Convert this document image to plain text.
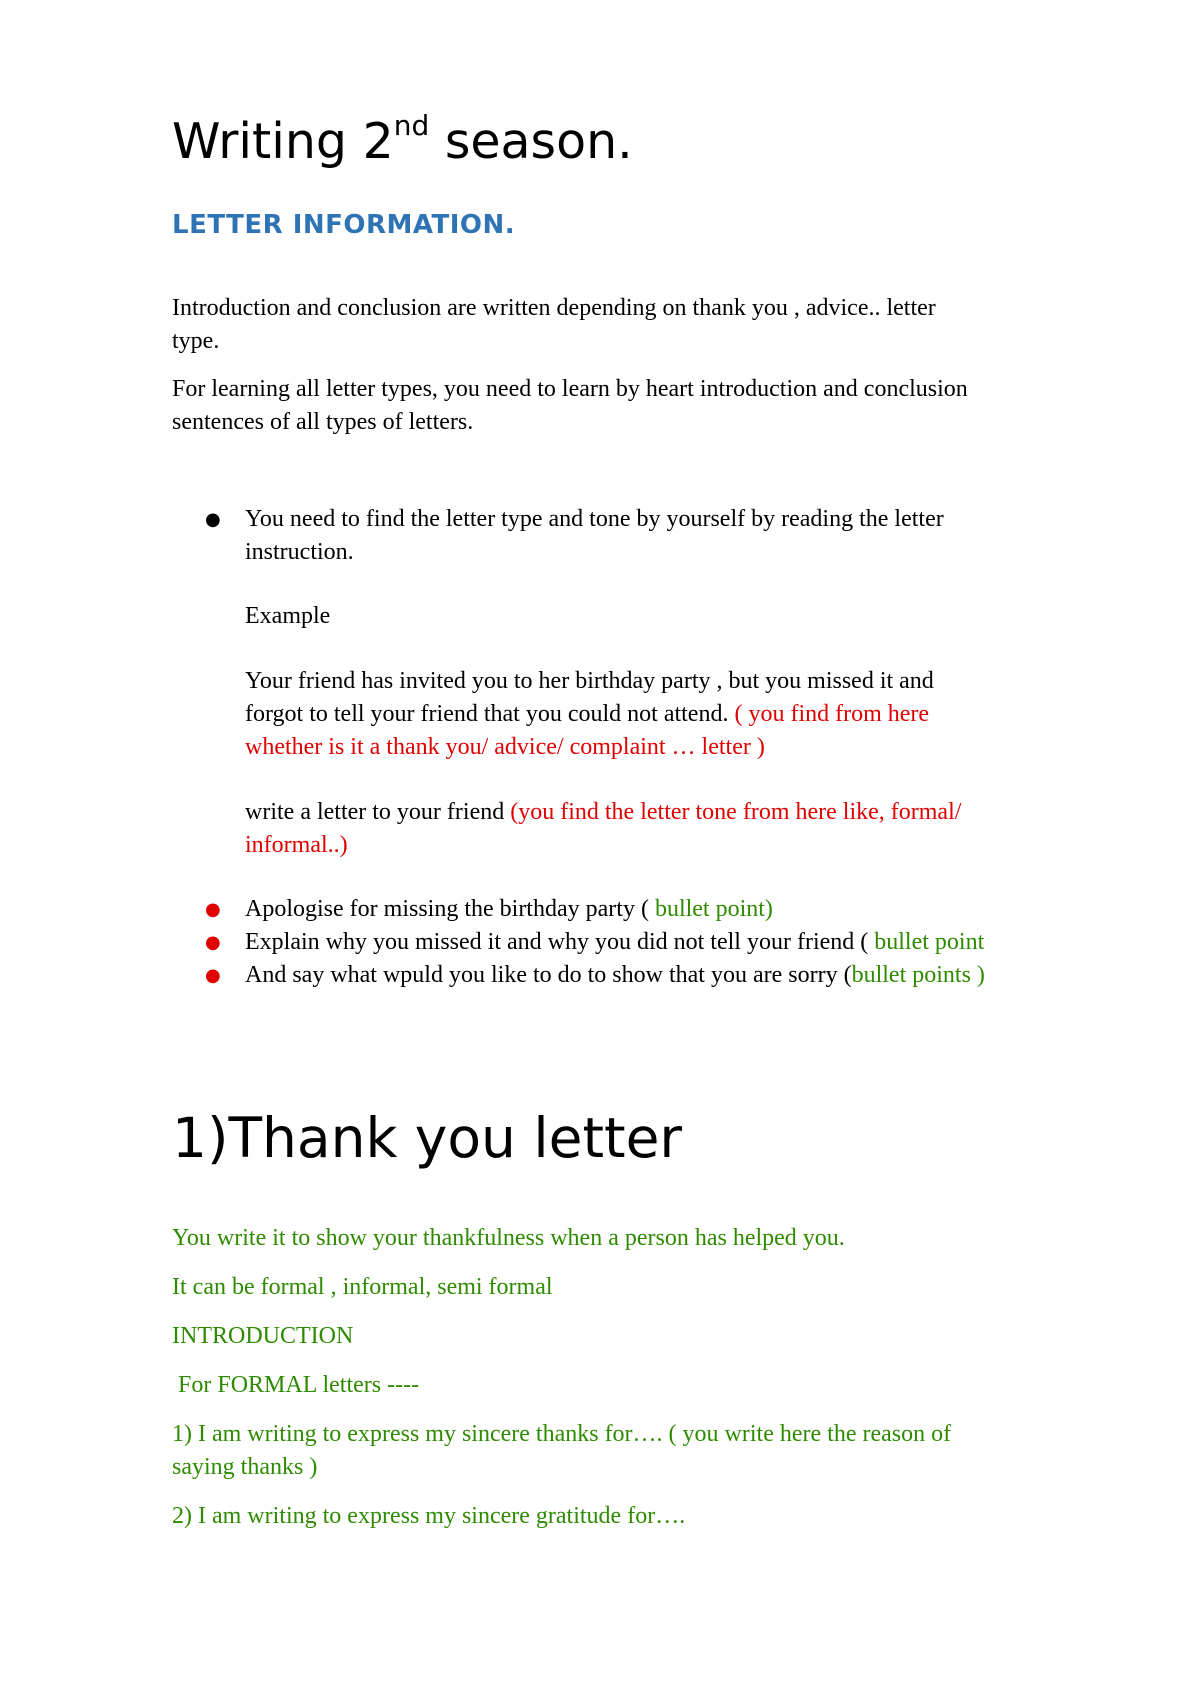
Writing 2nd season.
LETTER INFORMATION.

Introduction and conclusion are written depending on thank you , advice.. letter

type.

For learning all letter types, you need to learn by heart introduction and conclusion

sentences of all types of letters.

● You need to find the letter type and tone by yourself by reading the letter

instruction.

Example

Your friend has invited you to her birthday party , but you missed it and

forgot to tell your friend that you could not attend. ( you find from here

whether is it a thank you/ advice/ complaint … letter )

write a letter to your friend (you find the letter tone from here like, formal/

informal..)

● Apologise for missing the birthday party ( bullet point)

● Explain why you missed it and why you did not tell your friend ( bullet point

● And say what wpuld you like to do to show that you are sorry (bullet points )

1)Thank you letter

You write it to show your thankfulness when a person has helped you.

It can be formal , informal, semi formal

INTRODUCTION

For FORMAL letters ----

1) I am writing to express my sincere thanks for…. ( you write here the reason of

saying thanks )

2) I am writing to express my sincere gratitude for….
